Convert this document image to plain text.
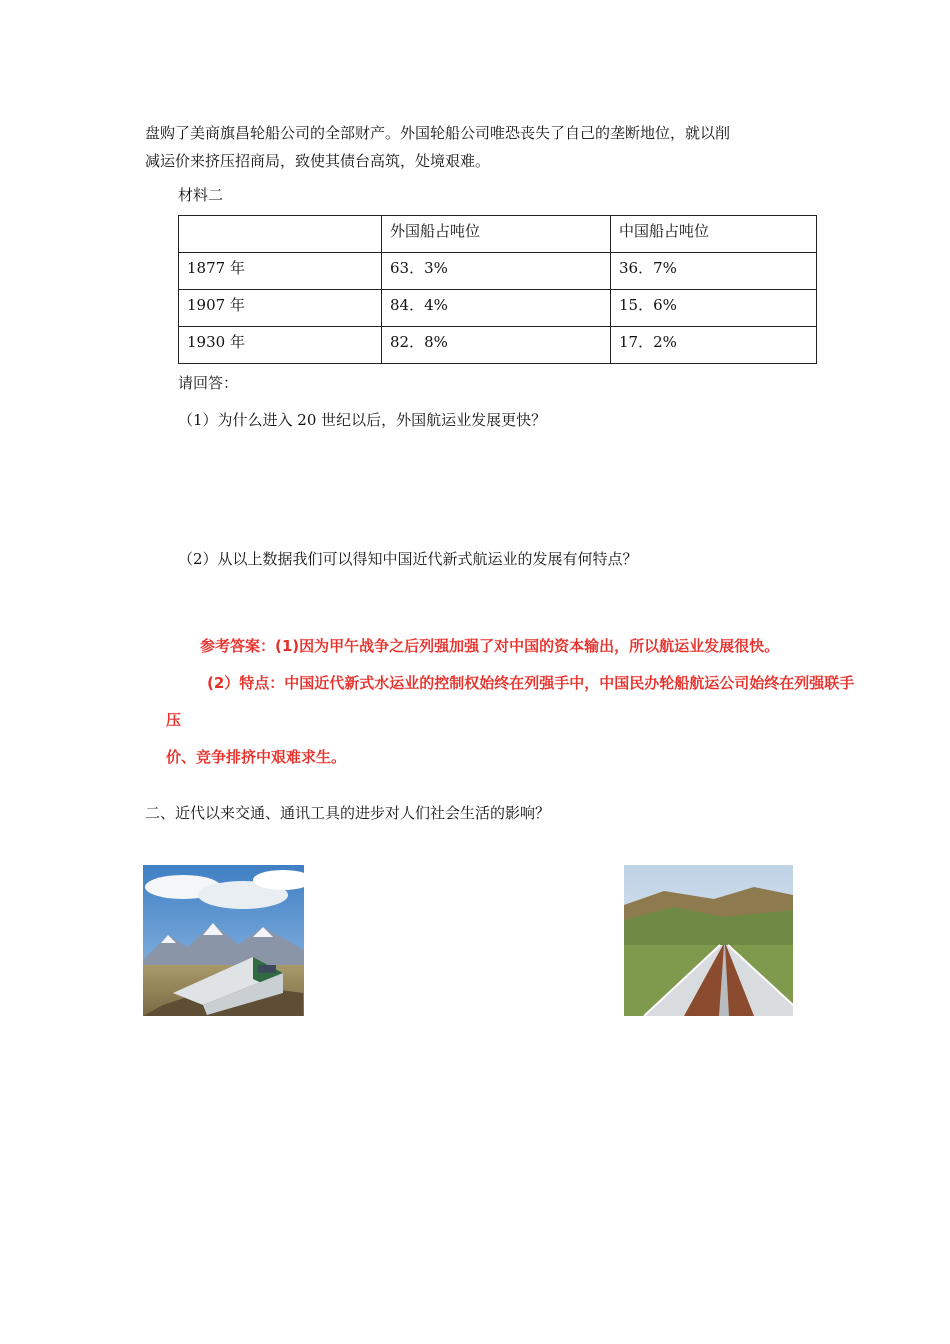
盘购了美商旗昌轮船公司的全部财产。外国轮船公司唯恐丧失了自己的垄断地位，就以削
减运价来挤压招商局，致使其债台高筑，处境艰难。
材料二
	外国船占吨位	中国船占吨位
1877 年	63．3%	36．7%
1907 年	84．4%	15．6%
1930 年	82．8%	17．2%
请回答：
（1）为什么进入 20 世纪以后，外国航运业发展更快？
（2）从以上数据我们可以得知中国近代新式航运业的发展有何特点？
参考答案：(1)因为甲午战争之后列强加强了对中国的资本输出，所以航运业发展很快。
(2）特点：中国近代新式水运业的控制权始终在列强手中，中国民办轮船航运公司始终在列强联手
压
价、竞争排挤中艰难求生。
二、近代以来交通、通讯工具的进步对人们社会生活的影响？
